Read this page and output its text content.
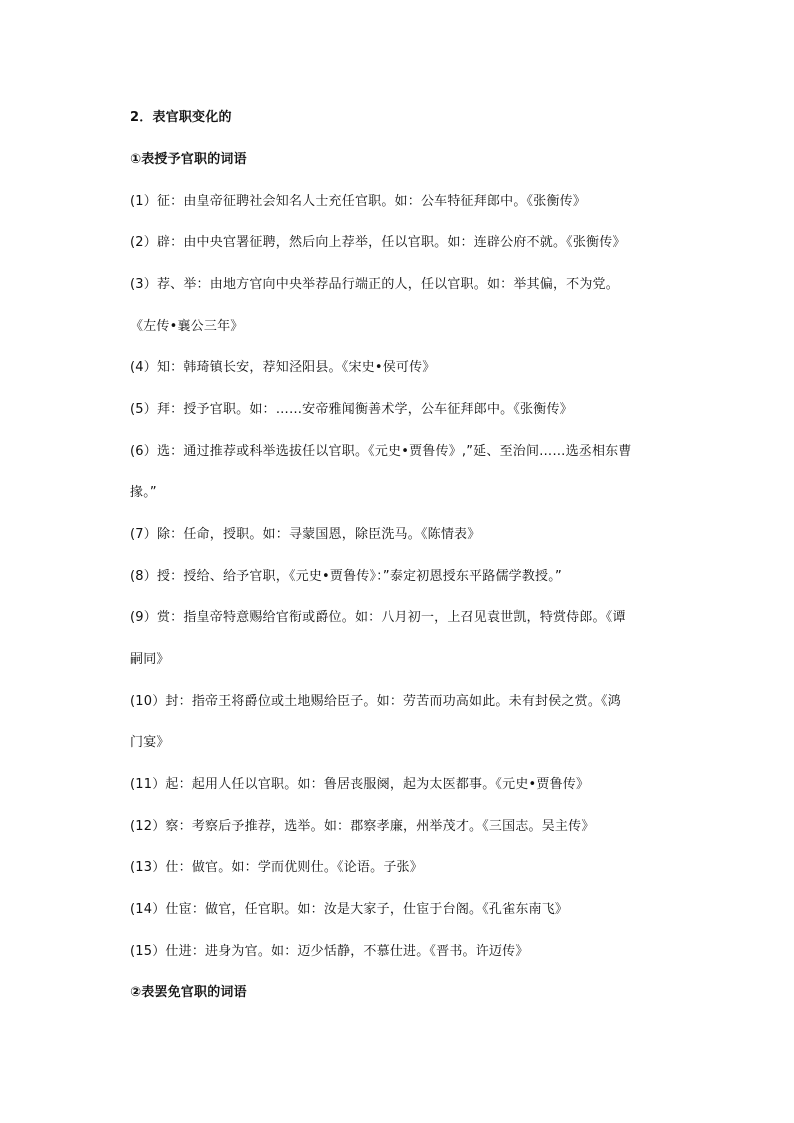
2．表官职变化的
①表授予官职的词语
(1）征：由皇帝征聘社会知名人士充任官职。如：公车特征拜郎中。《张衡传》
(2）辟：由中央官署征聘，然后向上荐举，任以官职。如：连辟公府不就。《张衡传》
(3）荐、举：由地方官向中央举荐品行端正的人，任以官职。如：举其偏，不为党。
《左传•襄公三年》
(4）知：韩琦镇长安，荐知泾阳县。《宋史•侯可传》
(5）拜：授予官职。如：……安帝雅闻衡善术学，公车征拜郎中。《张衡传》
(6）选：通过推荐或科举选拔任以官职。《元史•贾鲁传》,”延、至治间……选丞相东曹
掾。”
(7）除：任命，授职。如：寻蒙国恩，除臣洗马。《陈情表》
(8）授：授给、给予官职，《元史•贾鲁传》：”泰定初恩授东平路儒学教授。”
(9）赏：指皇帝特意赐给官衔或爵位。如：八月初一，上召见袁世凯，特赏侍郎。《谭
嗣同》
(10）封：指帝王将爵位或土地赐给臣子。如：劳苦而功高如此。未有封侯之赏。《鸿
门宴》
(11）起：起用人任以官职。如：鲁居丧服阕，起为太医都事。《元史•贾鲁传》
(12）察：考察后予推荐，选举。如：郡察孝廉，州举茂才。《三国志。吴主传》
(13）仕：做官。如：学而优则仕。《论语。子张》
(14）仕宦：做官，任官职。如：汝是大家子，仕宦于台阁。《孔雀东南飞》
(15）仕进：进身为官。如：迈少恬静，不慕仕进。《晋书。许迈传》
②表罢免官职的词语
